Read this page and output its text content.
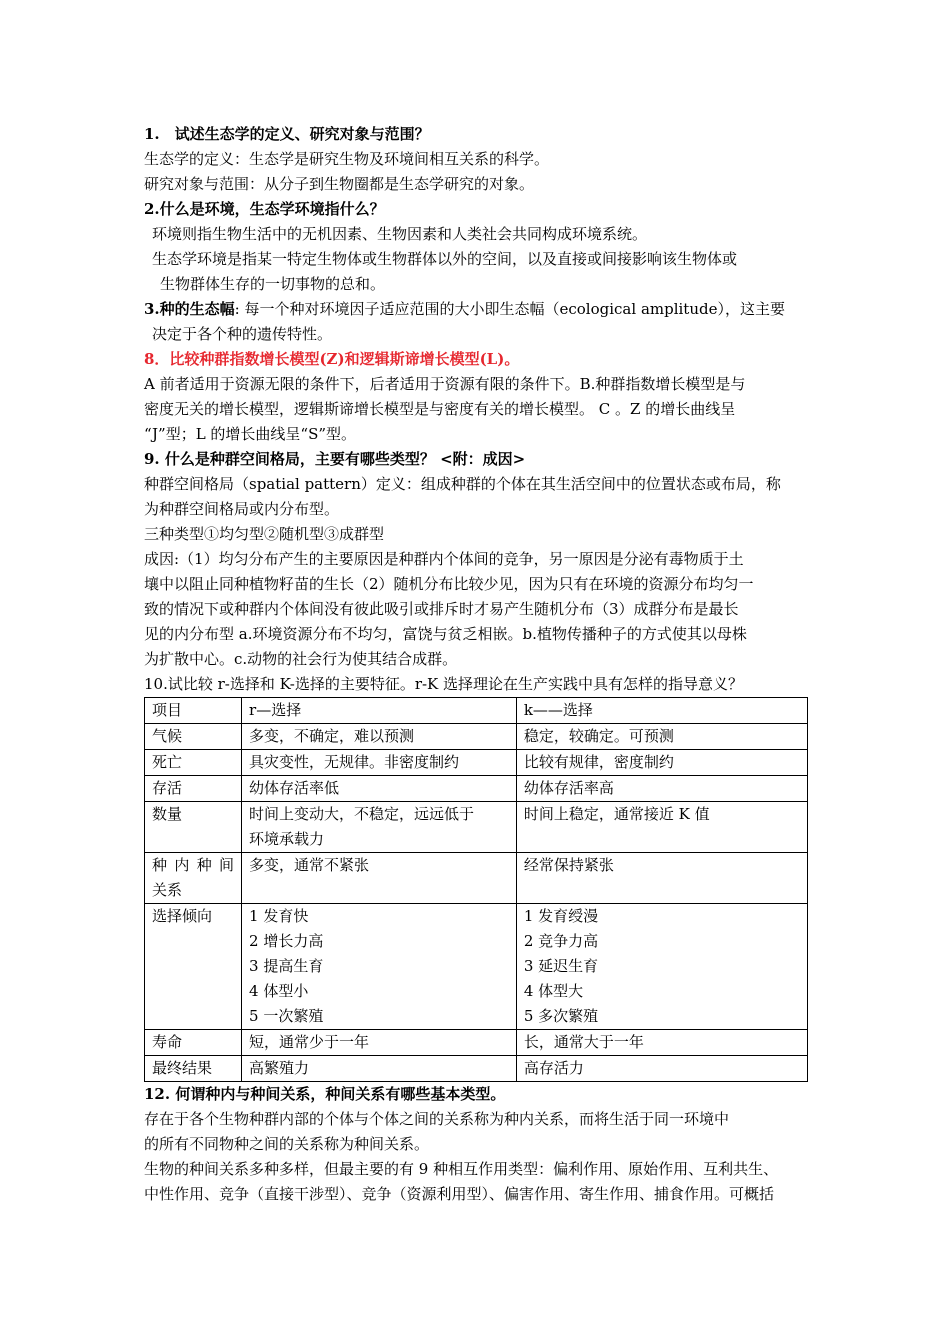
1.　试述生态学的定义、研究对象与范围？

生态学的定义：生态学是研究生物及环境间相互关系的科学。

研究对象与范围：从分子到生物圈都是生态学研究的对象。

2.什么是环境，生态学环境指什么？

环境则指生物生活中的无机因素、生物因素和人类社会共同构成环境系统。

生态学环境是指某一特定生物体或生物群体以外的空间，以及直接或间接影响该生物体或

生物群体生存的一切事物的总和。

3.种的生态幅: 每一个种对环境因子适应范围的大小即生态幅（ecological amplitude），这主要

决定于各个种的遗传特性。

8．比较种群指数增长模型(Z)和逻辑斯谛增长模型(L)。

A 前者适用于资源无限的条件下，后者适用于资源有限的条件下。B.种群指数增长模型是与

密度无关的增长模型，逻辑斯谛增长模型是与密度有关的增长模型。 C 。Z 的增长曲线呈

“J”型；L 的增长曲线呈“S”型。

9. 什么是种群空间格局，主要有哪些类型？ <附：成因>

种群空间格局（spatial pattern）定义：组成种群的个体在其生活空间中的位置状态或布局，称

为种群空间格局或内分布型。

三种类型①均匀型②随机型③成群型

成因:（1）均匀分布产生的主要原因是种群内个体间的竞争，另一原因是分泌有毒物质于土

壤中以阻止同种植物籽苗的生长（2）随机分布比较少见，因为只有在环境的资源分布均匀一

致的情况下或种群内个体间没有彼此吸引或排斥时才易产生随机分布（3）成群分布是最长

见的内分布型 a.环境资源分布不均匀，富饶与贫乏相嵌。b.植物传播种子的方式使其以母株

为扩散中心。c.动物的社会行为使其结合成群。

10.试比较 r-选择和 K-选择的主要特征。r-K 选择理论在生产实践中具有怎样的指导意义？

项目	r—选择	k——选择

气候	多变，不确定，难以预测	稳定，较确定。可预测

死亡	具灾变性，无规律。非密度制约	比较有规律，密度制约

存活	幼体存活率低	幼体存活率高

数量	时间上变动大，不稳定，远远低于
环境承载力	时间上稳定，通常接近 K 值

种内种间
关系	多变，通常不紧张	经常保持紧张

选择倾向	1 发育快
2 增长力高
3 提高生育
4 体型小
5 一次繁殖	1 发育绶漫
2 竞争力高
3 延迟生育
4 体型大
5 多次繁殖

寿命	短，通常少于一年	长，通常大于一年

最终结果	高繁殖力	高存活力

12. 何谓种内与种间关系，种间关系有哪些基本类型。

存在于各个生物种群内部的个体与个体之间的关系称为种内关系，而将生活于同一环境中

的所有不同物种之间的关系称为种间关系。

生物的种间关系多种多样，但最主要的有 9 种相互作用类型：偏利作用、原始作用、互利共生、

中性作用、竞争（直接干涉型）、竞争（资源利用型）、偏害作用、寄生作用、捕食作用。可概括
